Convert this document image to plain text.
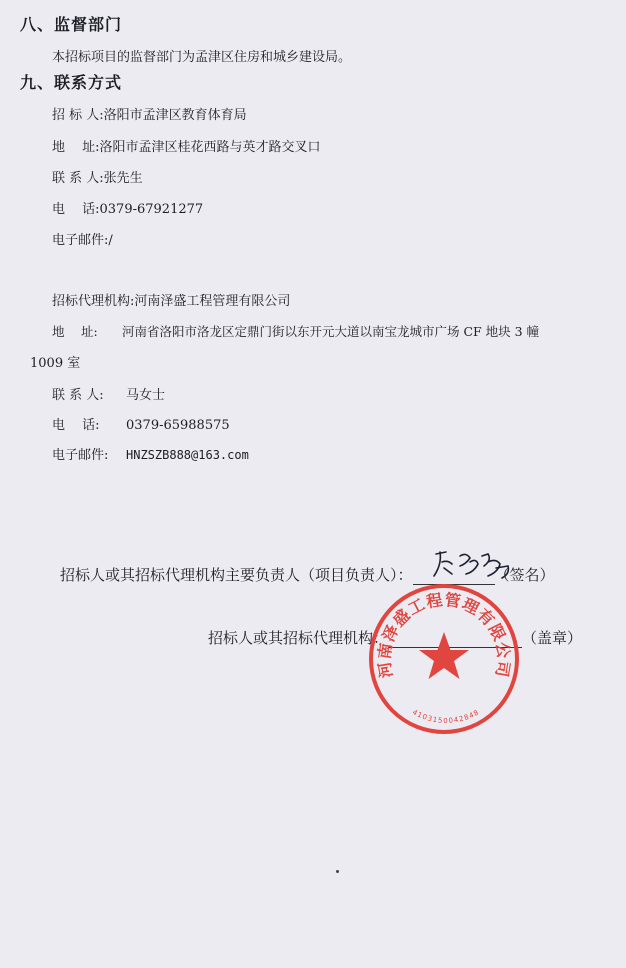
八、监督部门
本招标项目的监督部门为孟津区住房和城乡建设局。
九、联系方式
招 标 人:洛阳市孟津区教育体育局
地　 址:洛阳市孟津区桂花西路与英才路交叉口
联 系 人:张先生
电　 话:0379-67921277
电子邮件:/
招标代理机构:河南泽盛工程管理有限公司
地　 址: 河南省洛阳市洛龙区定鼎门街以东开元大道以南宝龙城市广场 CF 地块 3 幢
1009 室
联 系 人: 马女士
电　 话: 0379-65988575
电子邮件: HNZSZB888@163.com
招标人或其招标代理机构主要负责人（项目负责人）：	（签名）
招标人或其招标代理机构：	（盖章）
河南泽盛工程管理有限公司
4103150042848
